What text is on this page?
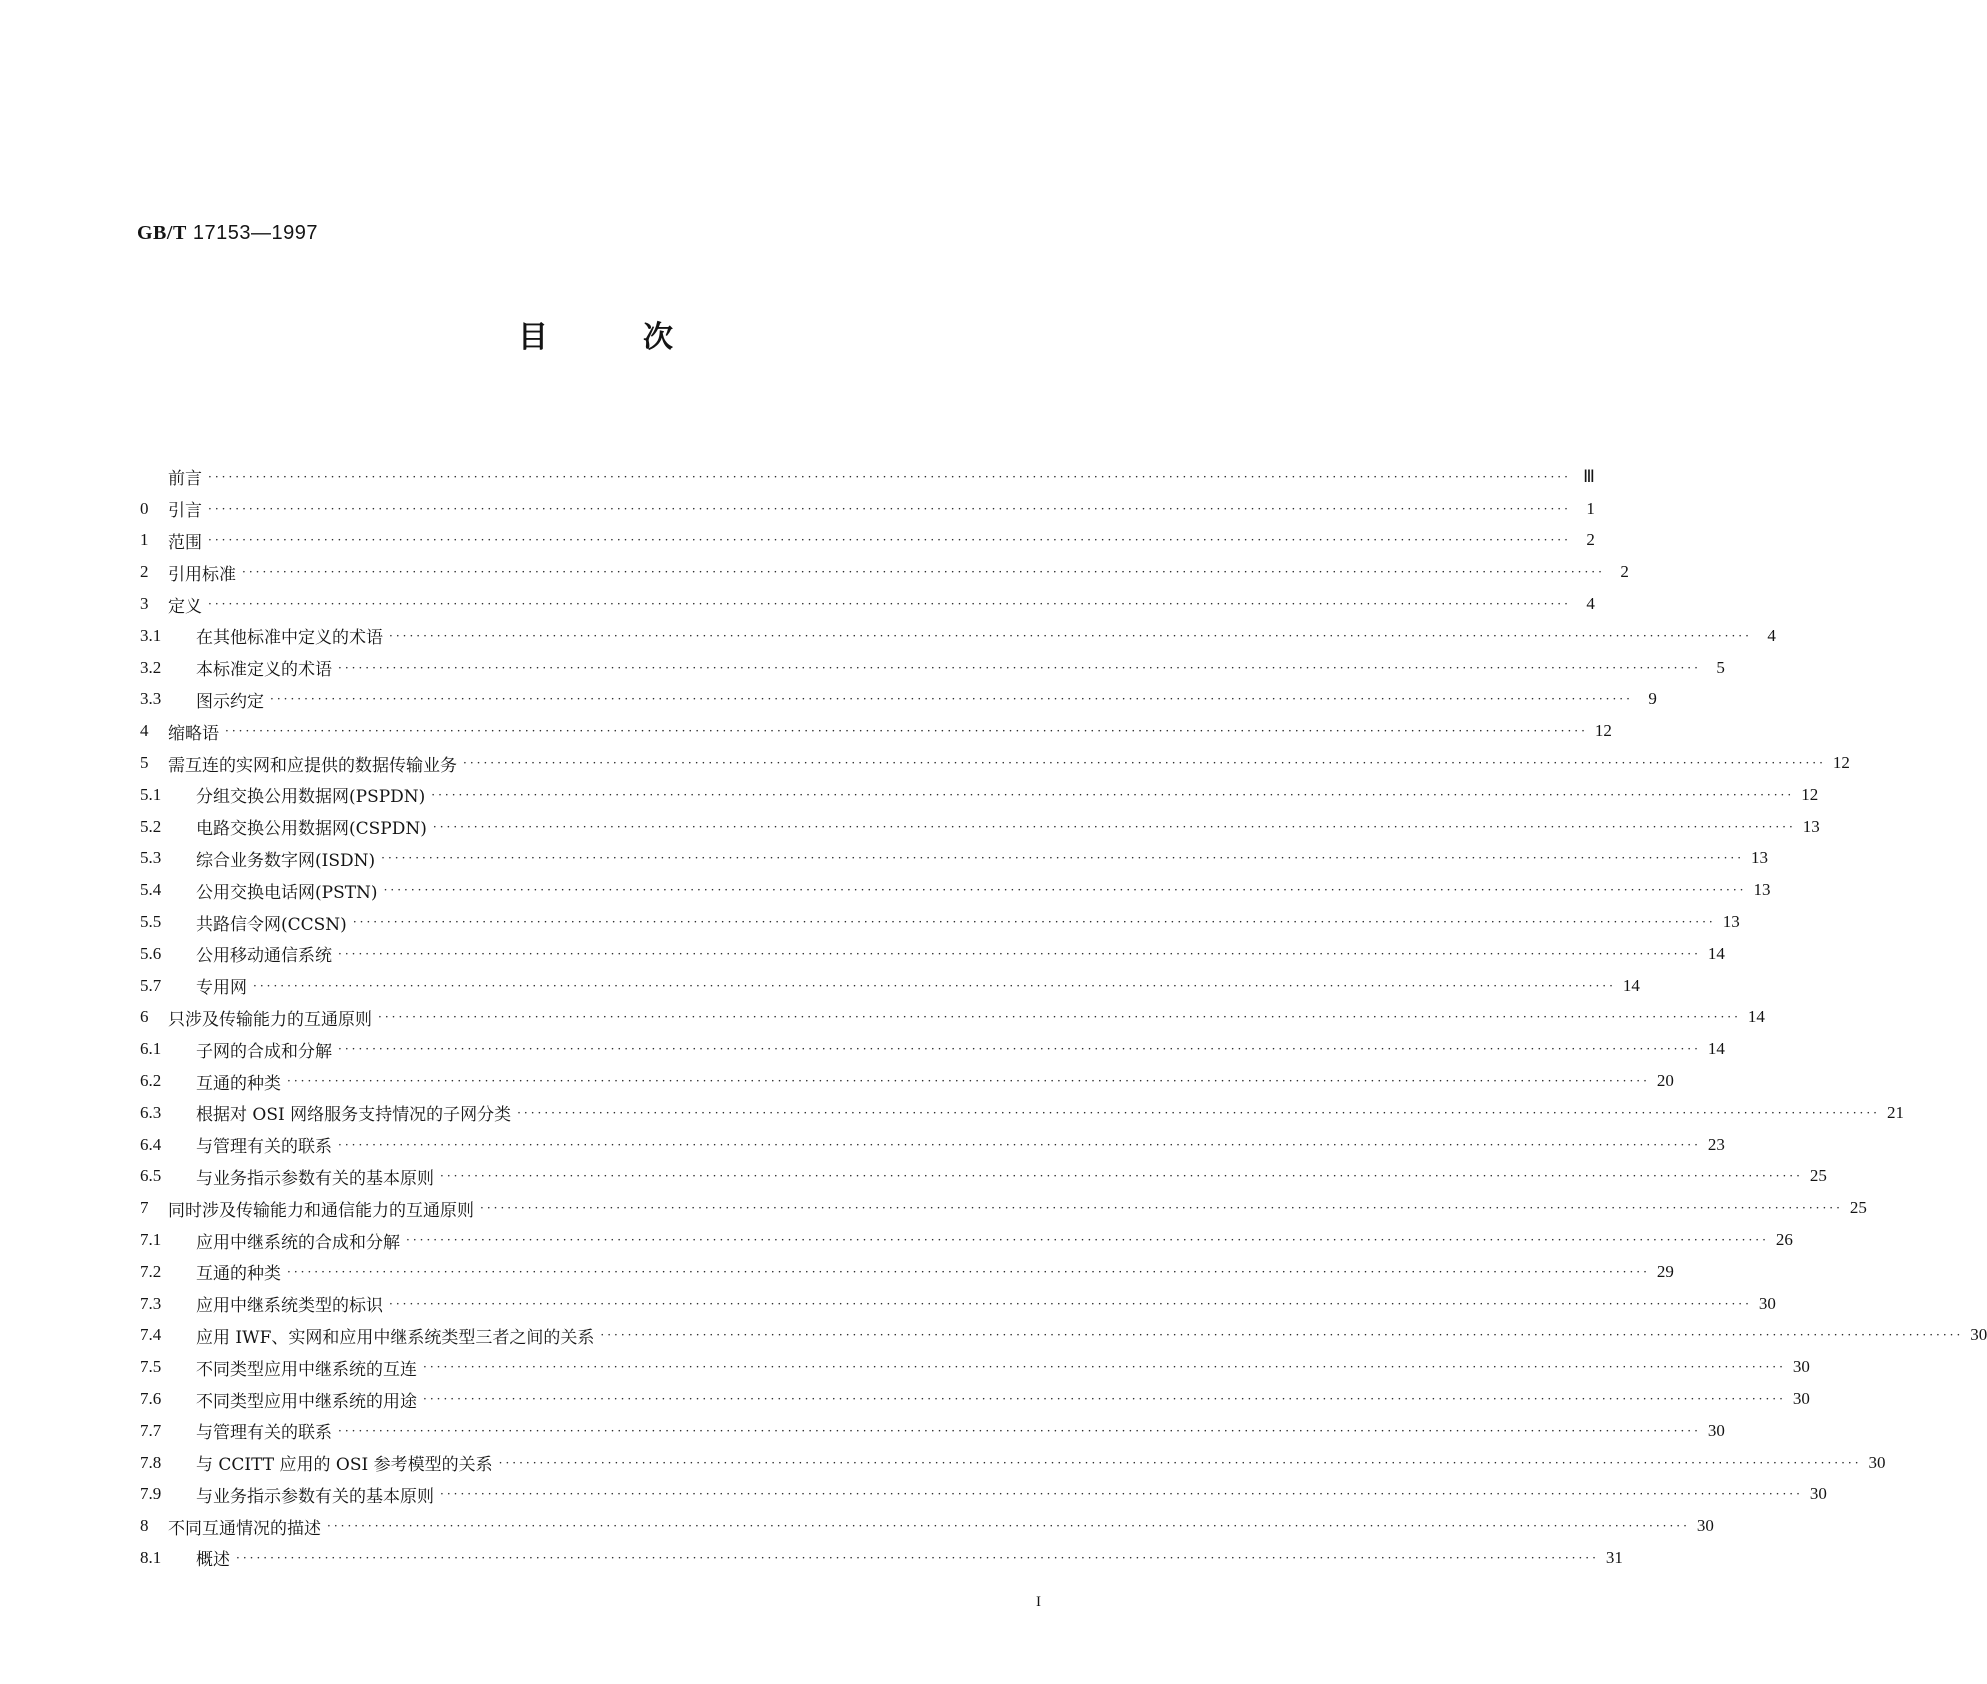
GB/T 17153—1997
目次
前言 ········································································································································································································ Ⅲ
0	引言 ········································································································································································································ 1
1	范围 ········································································································································································································ 2
2	引用标准 ········································································································································································································ 2
3	定义 ········································································································································································································ 4
3.1	在其他标准中定义的术语 ········································································································································································································ 4
3.2	本标准定义的术语 ········································································································································································································ 5
3.3	图示约定 ········································································································································································································ 9
4	缩略语 ········································································································································································································ 12
5	需互连的实网和应提供的数据传输业务 ········································································································································································································ 12
5.1	分组交换公用数据网(PSPDN) ········································································································································································································ 12
5.2	电路交换公用数据网(CSPDN) ········································································································································································································ 13
5.3	综合业务数字网(ISDN) ········································································································································································································ 13
5.4	公用交换电话网(PSTN) ········································································································································································································ 13
5.5	共路信令网(CCSN) ········································································································································································································ 13
5.6	公用移动通信系统 ········································································································································································································ 14
5.7	专用网 ········································································································································································································ 14
6	只涉及传输能力的互通原则 ········································································································································································································ 14
6.1	子网的合成和分解 ········································································································································································································ 14
6.2	互通的种类 ········································································································································································································ 20
6.3	根据对 OSI 网络服务支持情况的子网分类 ········································································································································································································ 21
6.4	与管理有关的联系 ········································································································································································································ 23
6.5	与业务指示参数有关的基本原则 ········································································································································································································ 25
7	同时涉及传输能力和通信能力的互通原则 ········································································································································································································ 25
7.1	应用中继系统的合成和分解 ········································································································································································································ 26
7.2	互通的种类 ········································································································································································································ 29
7.3	应用中继系统类型的标识 ········································································································································································································ 30
7.4	应用 IWF、实网和应用中继系统类型三者之间的关系 ········································································································································································································ 30
7.5	不同类型应用中继系统的互连 ········································································································································································································ 30
7.6	不同类型应用中继系统的用途 ········································································································································································································ 30
7.7	与管理有关的联系 ········································································································································································································ 30
7.8	与 CCITT 应用的 OSI 参考模型的关系 ········································································································································································································ 30
7.9	与业务指示参数有关的基本原则 ········································································································································································································ 30
8	不同互通情况的描述 ········································································································································································································ 30
8.1	概述 ········································································································································································································ 31
I
